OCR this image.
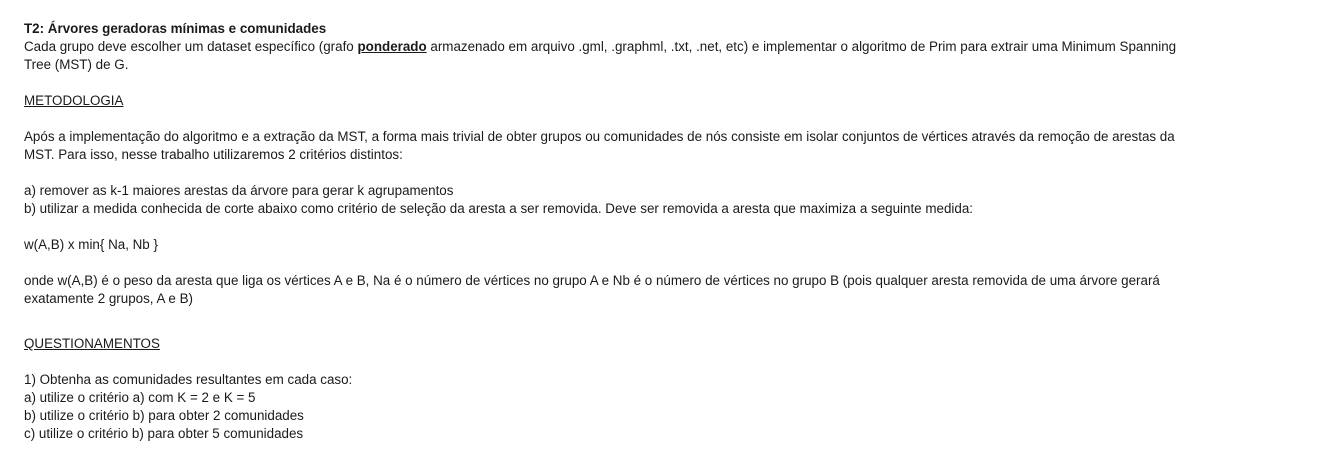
T2: Árvores geradoras mínimas e comunidades
Cada grupo deve escolher um dataset específico (grafo ponderado armazenado em arquivo .gml, .graphml, .txt, .net, etc) e implementar o algoritmo de Prim para extrair uma Minimum Spanning
Tree (MST) de G.
METODOLOGIA
Após a implementação do algoritmo e a extração da MST, a forma mais trivial de obter grupos ou comunidades de nós consiste em isolar conjuntos de vértices através da remoção de arestas da
MST. Para isso, nesse trabalho utilizaremos 2 critérios distintos:
a) remover as k-1 maiores arestas da árvore para gerar k agrupamentos
b) utilizar a medida conhecida de corte abaixo como critério de seleção da aresta a ser removida. Deve ser removida a aresta que maximiza a seguinte medida:
w(A,B) x min{ Na, Nb }
onde w(A,B) é o peso da aresta que liga os vértices A e B, Na é o número de vértices no grupo A e Nb é o número de vértices no grupo B (pois qualquer aresta removida de uma árvore gerará
exatamente 2 grupos, A e B)
QUESTIONAMENTOS
1) Obtenha as comunidades resultantes em cada caso:
a) utilize o critério a) com K = 2 e K = 5
b) utilize o critério b) para obter 2 comunidades
c) utilize o critério b) para obter 5 comunidades
